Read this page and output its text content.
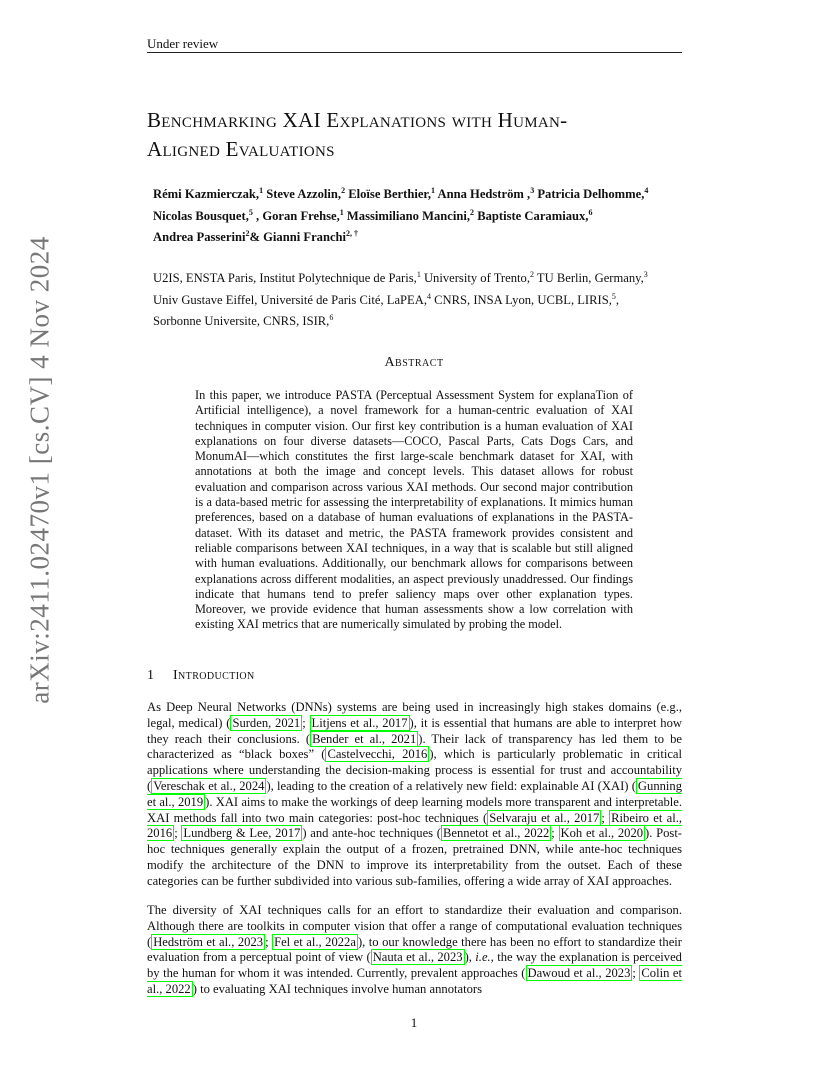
Under review
arXiv:2411.02470v1 [cs.CV] 4 Nov 2024
Benchmarking XAI Explanations with Human-
Aligned Evaluations
Rémi Kazmierczak,$^1$ Steve Azzolin,$^2$ Eloïse Berthier,$^1$ Anna Hedström ,$^3$ Patricia Delhomme,$^4$
Nicolas Bousquet,$^5$ , Goran Frehse,$^1$ Massimiliano Mancini,$^2$ Baptiste Caramiaux,$^6$
Andrea Passerini$^2$& Gianni Franchi$^{2, \dagger}$
U2IS, ENSTA Paris, Institut Polytechnique de Paris,$^1$ University of Trento,$^2$ TU Berlin, Germany,$^3$
Univ Gustave Eiffel, Université de Paris Cité, LaPEA,$^4$ CNRS, INSA Lyon, UCBL, LIRIS,$^5$,
Sorbonne Universite, CNRS, ISIR,$^6$
Abstract

In this paper, we introduce PASTA (Perceptual Assessment System for explanaTion of Artificial intelligence), a novel framework for a human-centric evaluation of XAI techniques in computer vision. Our first key contribution is a human evaluation of XAI explanations on four diverse datasets—COCO, Pascal Parts, Cats Dogs Cars, and MonumAI—which constitutes the first large-scale benchmark dataset for XAI, with annotations at both the image and concept levels. This dataset allows for robust evaluation and comparison across various XAI methods. Our second major contribution is a data-based metric for assessing the interpretability of explanations. It mimics human preferences, based on a database of human evaluations of explanations in the PASTA-dataset. With its dataset and metric, the PASTA framework provides consistent and reliable comparisons between XAI techniques, in a way that is scalable but still aligned with human evaluations. Additionally, our benchmark allows for comparisons between explanations across different modalities, an aspect previously unaddressed. Our findings indicate that humans tend to prefer saliency maps over other explanation types. Moreover, we provide evidence that human assessments show a low correlation with existing XAI metrics that are numerically simulated by probing the model.

1 Introduction

As Deep Neural Networks (DNNs) systems are being used in increasingly high stakes domains (e.g., legal, medical) ( Surden, 2021 ; Litjens et al., 2017 ), it is essential that humans are able to interpret how they reach their conclusions. ( Bender et al., 2021 ). Their lack of transparency has led them to be characterized as “black boxes” ( Castelvecchi, 2016 ), which is particularly problematic in critical applications where understanding the decision-making process is essential for trust and accountability ( Vereschak et al., 2024 ), leading to the creation of a relatively new field: explainable AI (XAI) ( Gunning et al., 2019 ). XAI aims to make the workings of deep learning models more transparent and interpretable. XAI methods fall into two main categories: post-hoc techniques ( Selvaraju et al., 2017 ; Ribeiro et al., 2016 ; Lundberg & Lee, 2017 ) and ante-hoc techniques ( Bennetot et al., 2022 ; Koh et al., 2020 ). Post-hoc techniques generally explain the output of a frozen, pretrained DNN, while ante-hoc techniques modify the architecture of the DNN to improve its interpretability from the outset. Each of these categories can be further subdivided into various sub-families, offering a wide array of XAI approaches.

The diversity of XAI techniques calls for an effort to standardize their evaluation and comparison. Although there are toolkits in computer vision that offer a range of computational evaluation techniques ( Hedström et al., 2023 ; Fel et al., 2022a ), to our knowledge there has been no effort to standardize their evaluation from a perceptual point of view ( Nauta et al., 2023 ), i.e., the way the explanation is perceived by the human for whom it was intended. Currently, prevalent approaches ( Dawoud et al., 2023 ; Colin et al., 2022 ) to evaluating XAI techniques involve human annotators

1
